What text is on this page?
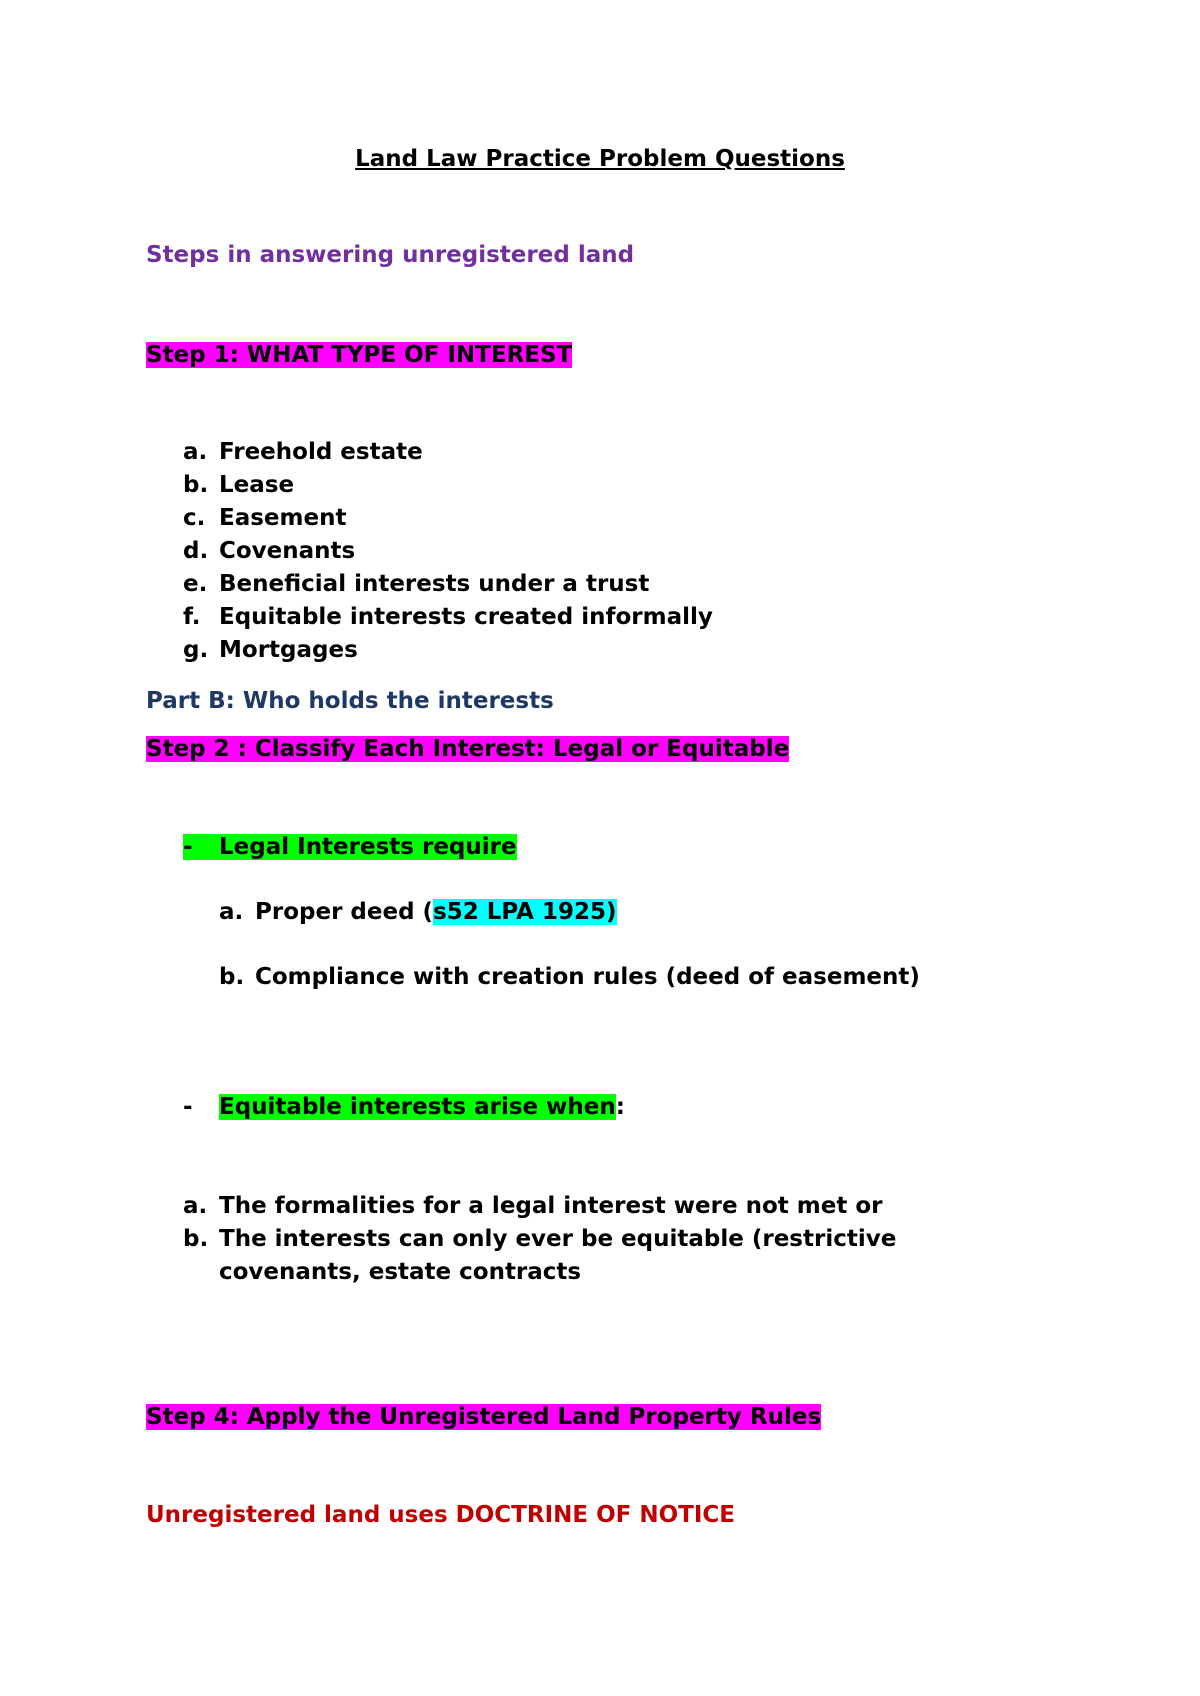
Land Law Practice Problem Questions
Steps in answering unregistered land
Step 1: WHAT TYPE OF INTEREST
a. Freehold estate
b. Lease
c. Easement
d. Covenants
e. Beneficial interests under a trust
f. Equitable interests created informally
g. Mortgages
Part B: Who holds the interests
Step 2 : Classify Each Interest: Legal or Equitable
- Legal Interests require
a. Proper deed (s52 LPA 1925)
b. Compliance with creation rules (deed of easement)
- Equitable interests arise when:
a. The formalities for a legal interest were not met or
b. The interests can only ever be equitable (restrictive
covenants, estate contracts
Step 4: Apply the Unregistered Land Property Rules
Unregistered land uses DOCTRINE OF NOTICE
